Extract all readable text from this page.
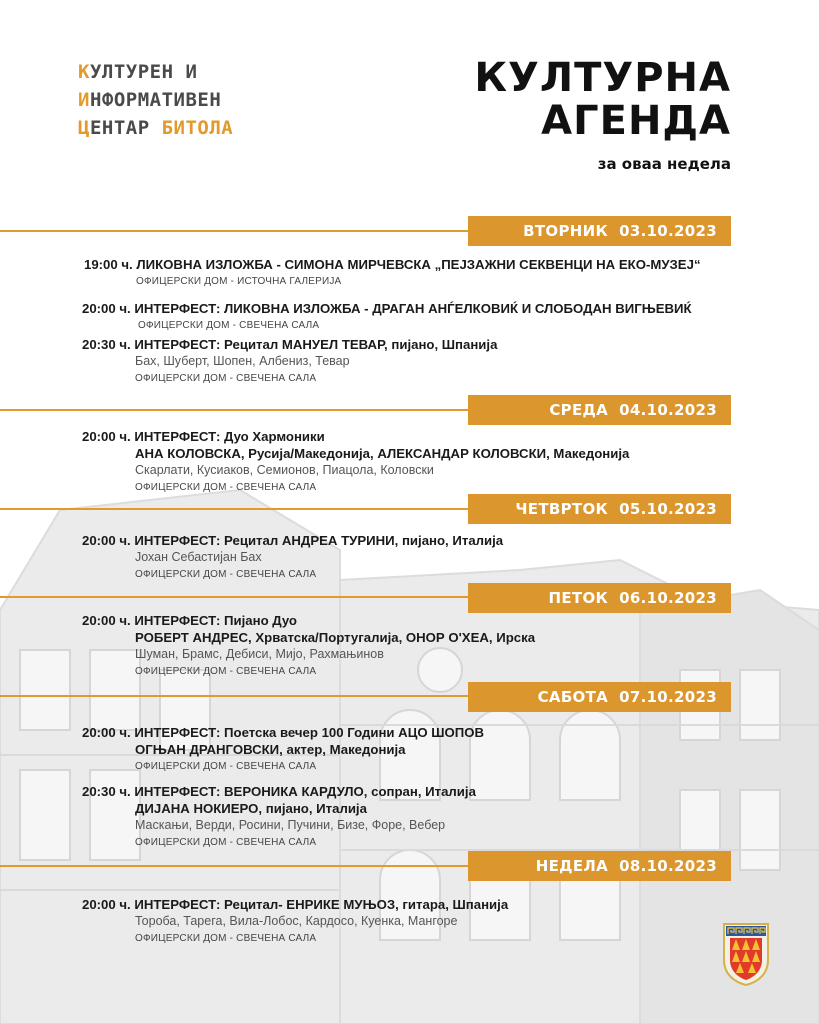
КУЛТУРЕН И
ИНФОРМАТИВЕН
ЦЕНТАР БИТОЛА
КУЛТУРНА
АГЕНДА
за оваа недела
ВТОРНИК  03.10.2023
19:00 ч. ЛИКОВНА ИЗЛОЖБА - СИМОНА МИРЧЕВСКА „ПЕЈЗАЖНИ СЕКВЕНЦИ НА ЕКО-МУЗЕЈ“
ОФИЦЕРСКИ ДОМ - ИСТОЧНА ГАЛЕРИЈА
20:00 ч. ИНТЕРФЕСТ: ЛИКОВНА ИЗЛОЖБА - ДРАГАН АНЃЕЛКОВИЌ И СЛОБОДАН ВИГЊЕВИЌ
ОФИЦЕРСКИ ДОМ - СВЕЧЕНА САЛА
20:30 ч. ИНТЕРФЕСТ: Рецитал МАНУЕЛ ТЕВАР, пијано, Шпанија
Бах, Шуберт, Шопен, Албениз, Тевар
ОФИЦЕРСКИ ДОМ - СВЕЧЕНА САЛА
СРЕДА  04.10.2023
20:00 ч. ИНТЕРФЕСТ: Дуо Хармоники
АНА КОЛОВСКА, Русија/Македонија, АЛЕКСАНДАР КОЛОВСКИ, Македонија
Скарлати, Кусиаков, Семионов, Пиацола, Коловски
ОФИЦЕРСКИ ДОМ - СВЕЧЕНА САЛА
ЧЕТВРТОК  05.10.2023
20:00 ч. ИНТЕРФЕСТ: Рецитал АНДРЕА ТУРИНИ, пијано, Италија
Јохан Себастијан Бах
ОФИЦЕРСКИ ДОМ - СВЕЧЕНА САЛА
ПЕТОК  06.10.2023
20:00 ч. ИНТЕРФЕСТ: Пијано Дуо
РОБЕРТ АНДРЕС, Хрватска/Португалија, ОНОР О'ХЕА, Ирска
Шуман, Брамс, Дебиси, Мијо, Рахмањинов
ОФИЦЕРСКИ ДОМ - СВЕЧЕНА САЛА
САБОТА  07.10.2023
20:00 ч. ИНТЕРФЕСТ: Поетска вечер 100 Години АЦО ШОПОВ
ОГЊАН ДРАНГОВСКИ, актер, Македонија
ОФИЦЕРСКИ ДОМ - СВЕЧЕНА САЛА
20:30 ч. ИНТЕРФЕСТ: ВЕРОНИКА КАРДУЛО, сопран, Италија
ДИЈАНА НОКИЕРО, пијано, Италија
Маскањи, Верди, Росини, Пучини, Бизе, Форе, Вебер
ОФИЦЕРСКИ ДОМ - СВЕЧЕНА САЛА
НЕДЕЛА  08.10.2023
20:00 ч. ИНТЕРФЕСТ: Рецитал- ЕНРИКЕ МУЊОЗ, гитара, Шпанија
Тороба, Тарега, Вила-Лобос, Кардосо, Куенка, Мангоре
ОФИЦЕРСКИ ДОМ - СВЕЧЕНА САЛА
